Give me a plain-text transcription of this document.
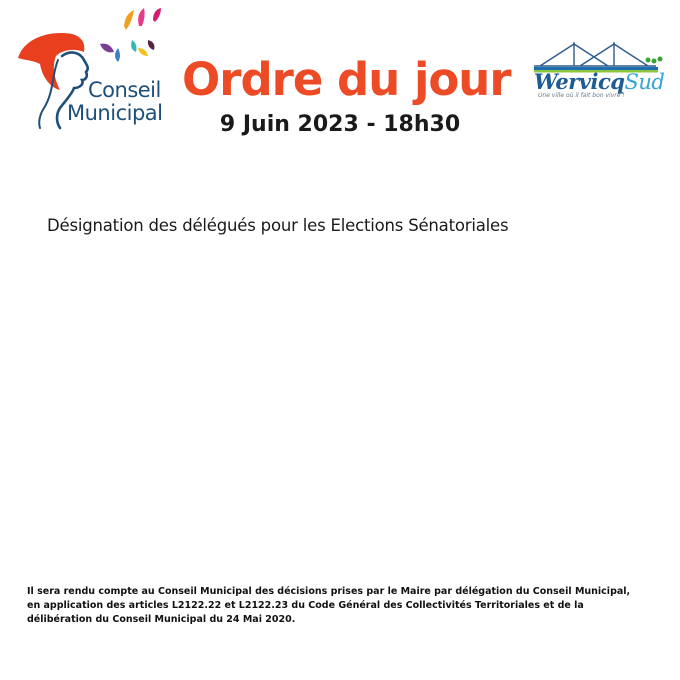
Conseil
Municipal
Ordre du jour
9 Juin 2023 - 18h30
WervicqSud
Une ville où il fait bon vivre !
Désignation des délégués pour les Elections Sénatoriales
Il sera rendu compte au Conseil Municipal des décisions prises par le Maire par délégation du Conseil Municipal,
en application des articles L2122.22 et L2122.23 du Code Général des Collectivités Territoriales et de la
délibération du Conseil Municipal du 24 Mai 2020.
